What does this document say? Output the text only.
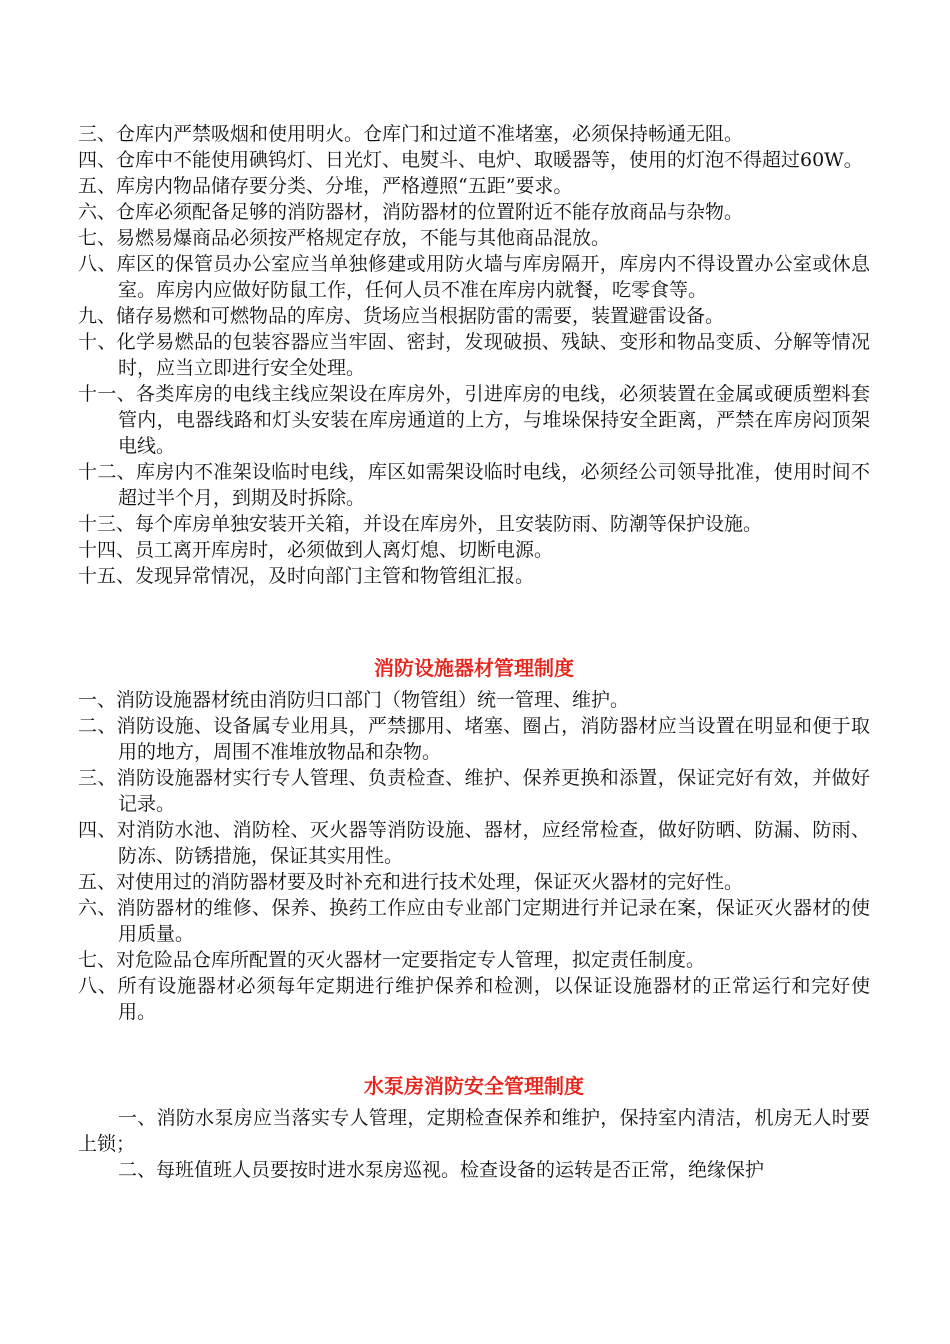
三、仓库内严禁吸烟和使用明火。仓库门和过道不准堵塞，必须保持畅通无阻。

四、仓库中不能使用碘钨灯、日光灯、电熨斗、电炉、取暖器等，使用的灯泡不得超过60W。

五、库房内物品储存要分类、分堆，严格遵照“五距”要求。

六、仓库必须配备足够的消防器材，消防器材的位置附近不能存放商品与杂物。

七、易燃易爆商品必须按严格规定存放，不能与其他商品混放。

八、库区的保管员办公室应当单独修建或用防火墙与库房隔开，库房内不得设置办公室或休息室。库房内应做好防鼠工作，任何人员不准在库房内就餐，吃零食等。

九、储存易燃和可燃物品的库房、货场应当根据防雷的需要，装置避雷设备。

十、化学易燃品的包装容器应当牢固、密封，发现破损、残缺、变形和物品变质、分解等情况时，应当立即进行安全处理。

十一、各类库房的电线主线应架设在库房外，引进库房的电线，必须装置在金属或硬质塑料套管内，电器线路和灯头安装在库房通道的上方，与堆垛保持安全距离，严禁在库房闷顶架电线。

十二、库房内不准架设临时电线，库区如需架设临时电线，必须经公司领导批准，使用时间不超过半个月，到期及时拆除。

十三、每个库房单独安装开关箱，并设在库房外，且安装防雨、防潮等保护设施。

十四、员工离开库房时，必须做到人离灯熄、切断电源。

十五、发现异常情况，及时向部门主管和物管组汇报。

消防设施器材管理制度

一、消防设施器材统由消防归口部门（物管组）统一管理、维护。

二、消防设施、设备属专业用具，严禁挪用、堵塞、圈占，消防器材应当设置在明显和便于取用的地方，周围不准堆放物品和杂物。

三、消防设施器材实行专人管理、负责检查、维护、保养更换和添置，保证完好有效，并做好记录。

四、对消防水池、消防栓、灭火器等消防设施、器材，应经常检查，做好防晒、防漏、防雨、防冻、防锈措施，保证其实用性。

五、对使用过的消防器材要及时补充和进行技术处理，保证灭火器材的完好性。

六、消防器材的维修、保养、换药工作应由专业部门定期进行并记录在案，保证灭火器材的使用质量。

七、对危险品仓库所配置的灭火器材一定要指定专人管理，拟定责任制度。

八、所有设施器材必须每年定期进行维护保养和检测，以保证设施器材的正常运行和完好使用。

水泵房消防安全管理制度

一、消防水泵房应当落实专人管理，定期检查保养和维护，保持室内清洁，机房无人时要上锁；

二、每班值班人员要按时进水泵房巡视。检查设备的运转是否正常，绝缘保护
